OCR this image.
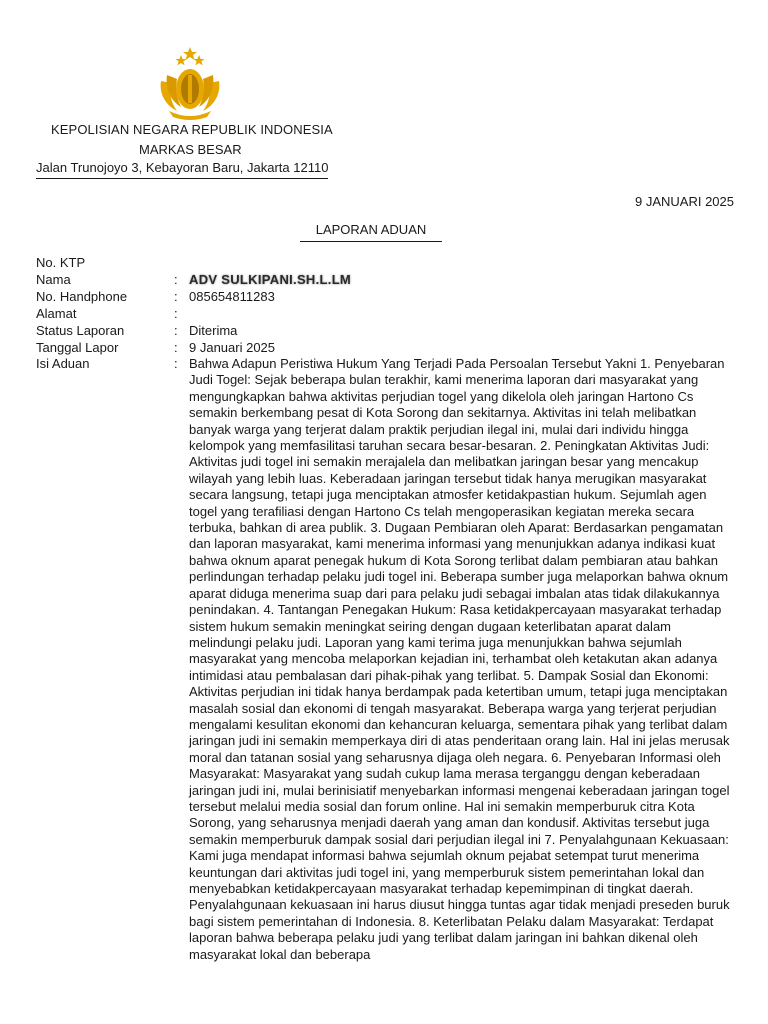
KEPOLISIAN NEGARA REPUBLIK INDONESIA
MARKAS BESAR
Jalan Trunojoyo 3, Kebayoran Baru, Jakarta 12110
9 JANUARI 2025
LAPORAN ADUAN
No. KTP
Nama	: ADV SULKIPANI.SH.L.LM
No. Handphone	: 085654811283
Alamat	:
Status Laporan	: Diterima
Tanggal Lapor	: 9 Januari 2025
Isi Aduan	: Bahwa Adapun Peristiwa Hukum Yang Terjadi Pada Persoalan Tersebut Yakni 1. Penyebaran Judi Togel: Sejak beberapa bulan terakhir, kami menerima laporan dari masyarakat yang mengungkapkan bahwa aktivitas perjudian togel yang dikelola oleh jaringan Hartono Cs semakin berkembang pesat di Kota Sorong dan sekitarnya. Aktivitas ini telah melibatkan banyak warga yang terjerat dalam praktik perjudian ilegal ini, mulai dari individu hingga kelompok yang memfasilitasi taruhan secara besar-besaran. 2. Peningkatan Aktivitas Judi: Aktivitas judi togel ini semakin merajalela dan melibatkan jaringan besar yang mencakup wilayah yang lebih luas. Keberadaan jaringan tersebut tidak hanya merugikan masyarakat secara langsung, tetapi juga menciptakan atmosfer ketidakpastian hukum. Sejumlah agen togel yang terafiliasi dengan Hartono Cs telah mengoperasikan kegiatan mereka secara terbuka, bahkan di area publik. 3. Dugaan Pembiaran oleh Aparat: Berdasarkan pengamatan dan laporan masyarakat, kami menerima informasi yang menunjukkan adanya indikasi kuat bahwa oknum aparat penegak hukum di Kota Sorong terlibat dalam pembiaran atau bahkan perlindungan terhadap pelaku judi togel ini. Beberapa sumber juga melaporkan bahwa oknum aparat diduga menerima suap dari para pelaku judi sebagai imbalan atas tidak dilakukannya penindakan. 4. Tantangan Penegakan Hukum: Rasa ketidakpercayaan masyarakat terhadap sistem hukum semakin meningkat seiring dengan dugaan keterlibatan aparat dalam melindungi pelaku judi. Laporan yang kami terima juga menunjukkan bahwa sejumlah masyarakat yang mencoba melaporkan kejadian ini, terhambat oleh ketakutan akan adanya intimidasi atau pembalasan dari pihak-pihak yang terlibat. 5. Dampak Sosial dan Ekonomi: Aktivitas perjudian ini tidak hanya berdampak pada ketertiban umum, tetapi juga menciptakan masalah sosial dan ekonomi di tengah masyarakat. Beberapa warga yang terjerat perjudian mengalami kesulitan ekonomi dan kehancuran keluarga, sementara pihak yang terlibat dalam jaringan judi ini semakin memperkaya diri di atas penderitaan orang lain. Hal ini jelas merusak moral dan tatanan sosial yang seharusnya dijaga oleh negara. 6. Penyebaran Informasi oleh Masyarakat: Masyarakat yang sudah cukup lama merasa terganggu dengan keberadaan jaringan judi ini, mulai berinisiatif menyebarkan informasi mengenai keberadaan jaringan togel tersebut melalui media sosial dan forum online. Hal ini semakin memperburuk citra Kota Sorong, yang seharusnya menjadi daerah yang aman dan kondusif. Aktivitas tersebut juga semakin memperburuk dampak sosial dari perjudian ilegal ini 7. Penyalahgunaan Kekuasaan: Kami juga mendapat informasi bahwa sejumlah oknum pejabat setempat turut menerima keuntungan dari aktivitas judi togel ini, yang memperburuk sistem pemerintahan lokal dan menyebabkan ketidakpercayaan masyarakat terhadap kepemimpinan di tingkat daerah. Penyalahgunaan kekuasaan ini harus diusut hingga tuntas agar tidak menjadi preseden buruk bagi sistem pemerintahan di Indonesia. 8. Keterlibatan Pelaku dalam Masyarakat: Terdapat laporan bahwa beberapa pelaku judi yang terlibat dalam jaringan ini bahkan dikenal oleh masyarakat lokal dan beberapa
